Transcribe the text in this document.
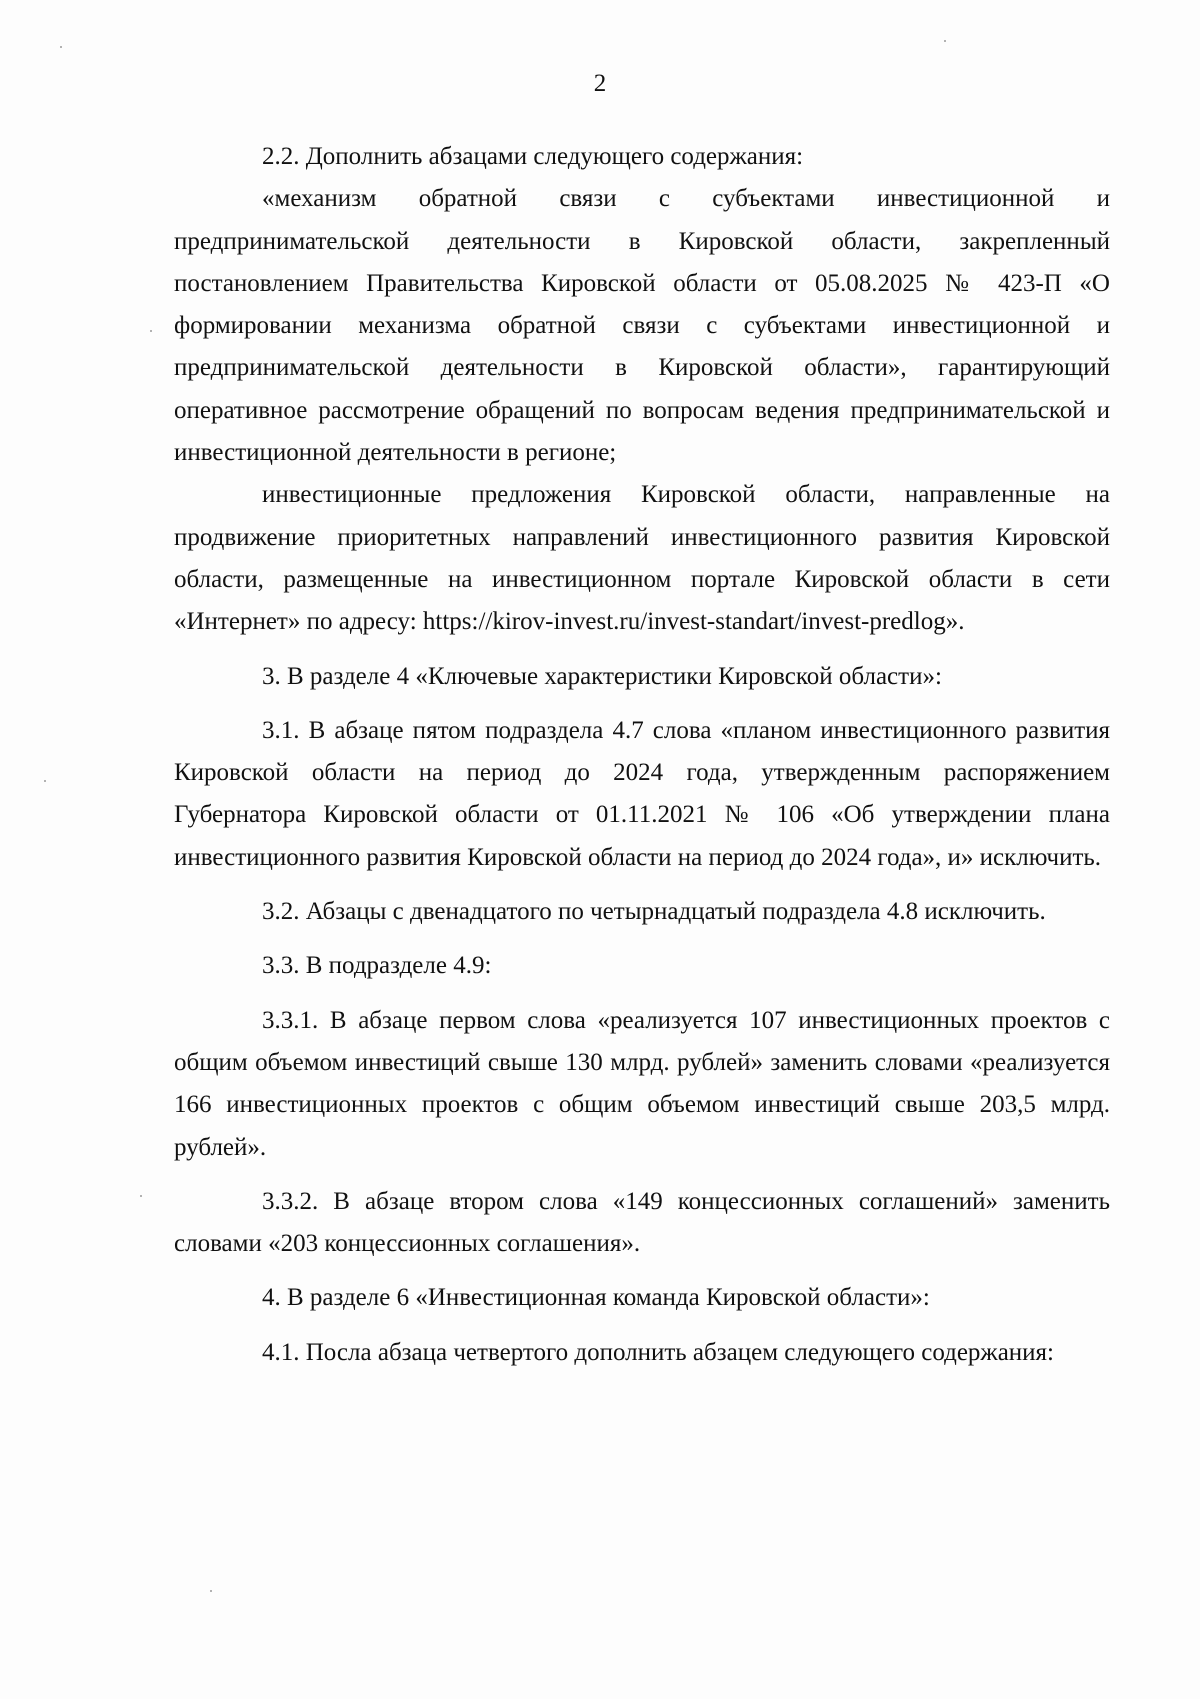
2

2.2. Дополнить абзацами следующего содержания:

«механизм обратной связи с субъектами инвестиционной и предпринимательской деятельности в Кировской области, закрепленный постановлением Правительства Кировской области от 05.08.2025 № 423-П «О формировании механизма обратной связи с субъектами инвестиционной и предпринимательской деятельности в Кировской области», гарантирующий оперативное рассмотрение обращений по вопросам ведения предпринимательской и инвестиционной деятельности в регионе;

инвестиционные предложения Кировской области, направленные на продвижение приоритетных направлений инвестиционного развития Кировской области, размещенные на инвестиционном портале Кировской области в сети «Интернет» по адресу: https://kirov-invest.ru/invest-standart/invest-predlog».

3. В разделе 4 «Ключевые характеристики Кировской области»:

3.1. В абзаце пятом подраздела 4.7 слова «планом инвестиционного развития Кировской области на период до 2024 года, утвержденным распоряжением Губернатора Кировской области от 01.11.2021 № 106 «Об утверждении плана инвестиционного развития Кировской области на период до 2024 года», и» исключить.

3.2. Абзацы с двенадцатого по четырнадцатый подраздела 4.8 исключить.

3.3. В подразделе 4.9:

3.3.1. В абзаце первом слова «реализуется 107 инвестиционных проектов с общим объемом инвестиций свыше 130 млрд. рублей» заменить словами «реализуется 166 инвестиционных проектов с общим объемом инвестиций свыше 203,5 млрд. рублей».

3.3.2. В абзаце втором слова «149 концессионных соглашений» заменить словами «203 концессионных соглашения».

4. В разделе 6 «Инвестиционная команда Кировской области»:

4.1. Посла абзаца четвертого дополнить абзацем следующего содержания:
